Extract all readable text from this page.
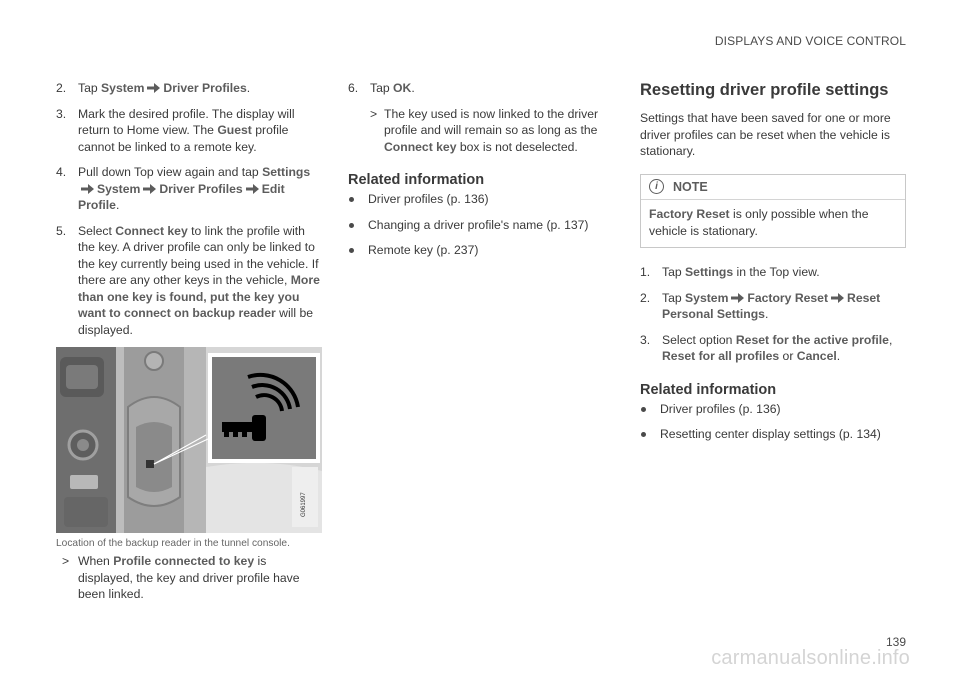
DISPLAYS AND VOICE CONTROL
2. Tap System Driver Profiles.
3. Mark the desired profile. The display will return to Home view. The Guest profile cannot be linked to a remote key.
4. Pull down Top view again and tap SettingsSystem Driver Profiles Edit Profile.
5. Select Connect key to link the profile with the key. A driver profile can only be linked to the key currently being used in the vehicle. If there are any other keys in the vehicle, More than one key is found, put the key you want to connect on backup reader will be displayed.
G061997
Location of the backup reader in the tunnel console.
> When Profile connected to key is displayed, the key and driver profile have been linked.
6. Tap OK.
> The key used is now linked to the driver profile and will remain so as long as the Connect key box is not deselected.
Related information
Driver profiles (p. 136)
Changing a driver profile's name (p. 137)
Remote key (p. 237)
Resetting driver profile settings

Settings that have been saved for one or more driver profiles can be reset when the vehicle is stationary.

i	NOTE
Factory Reset is only possible when the vehicle is stationary.
1. Tap Settings in the Top view.
2. Tap System Factory Reset Reset Personal Settings.
3. Select option Reset for the active profile, Reset for all profiles or Cancel.
Related information
Driver profiles (p. 136)
Resetting center display settings (p. 134)
139
carmanualsonline.info
